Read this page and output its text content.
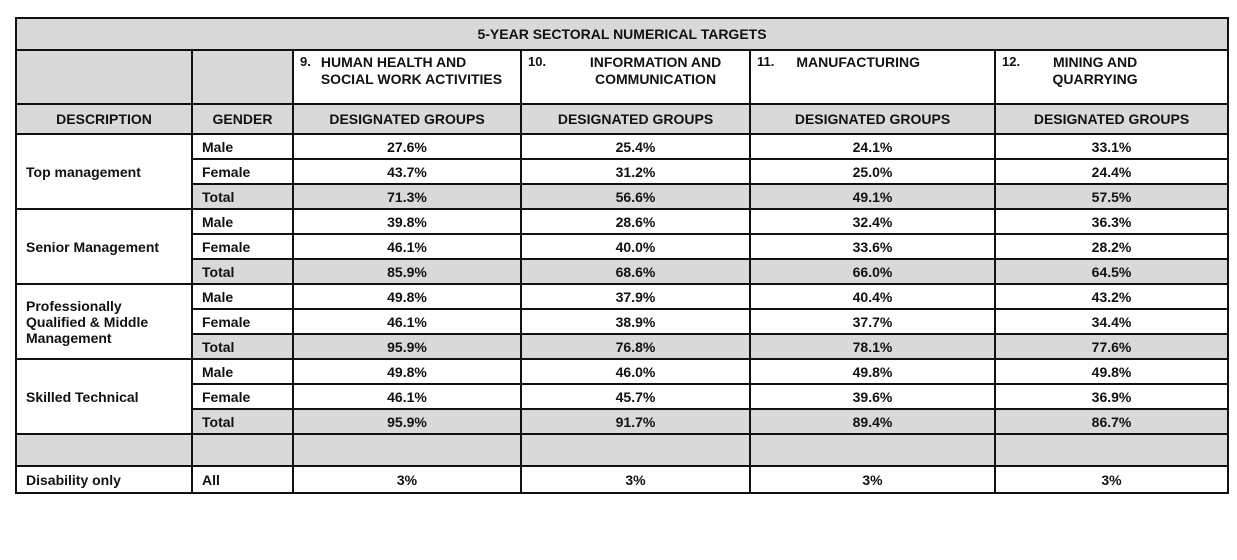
5-YEAR SECTORAL NUMERICAL TARGETS					

		9. HUMAN HEALTH AND SOCIAL WORK ACTIVITIES	10. INFORMATION AND COMMUNICATION	11. MANUFACTURING	12. MINING AND QUARRYING

DESCRIPTION	GENDER	DESIGNATED GROUPS	DESIGNATED GROUPS	DESIGNATED GROUPS	DESIGNATED GROUPS
Top management	Male	27.6%	25.4%	24.1%	33.1%
	Female	43.7%	31.2%	25.0%	24.4%
	Total	71.3%	56.6%	49.1%	57.5%
Senior Management	Male	39.8%	28.6%	32.4%	36.3%
	Female	46.1%	40.0%	33.6%	28.2%
	Total	85.9%	68.6%	66.0%	64.5%
Professionally Qualified & Middle Management	Male	49.8%	37.9%	40.4%	43.2%
	Female	46.1%	38.9%	37.7%	34.4%
	Total	95.9%	76.8%	78.1%	77.6%
Skilled Technical	Male	49.8%	46.0%	49.8%	49.8%
	Female	46.1%	45.7%	39.6%	36.9%
	Total	95.9%	91.7%	89.4%	86.7%

Disability only	All	3%	3%	3%	3%
